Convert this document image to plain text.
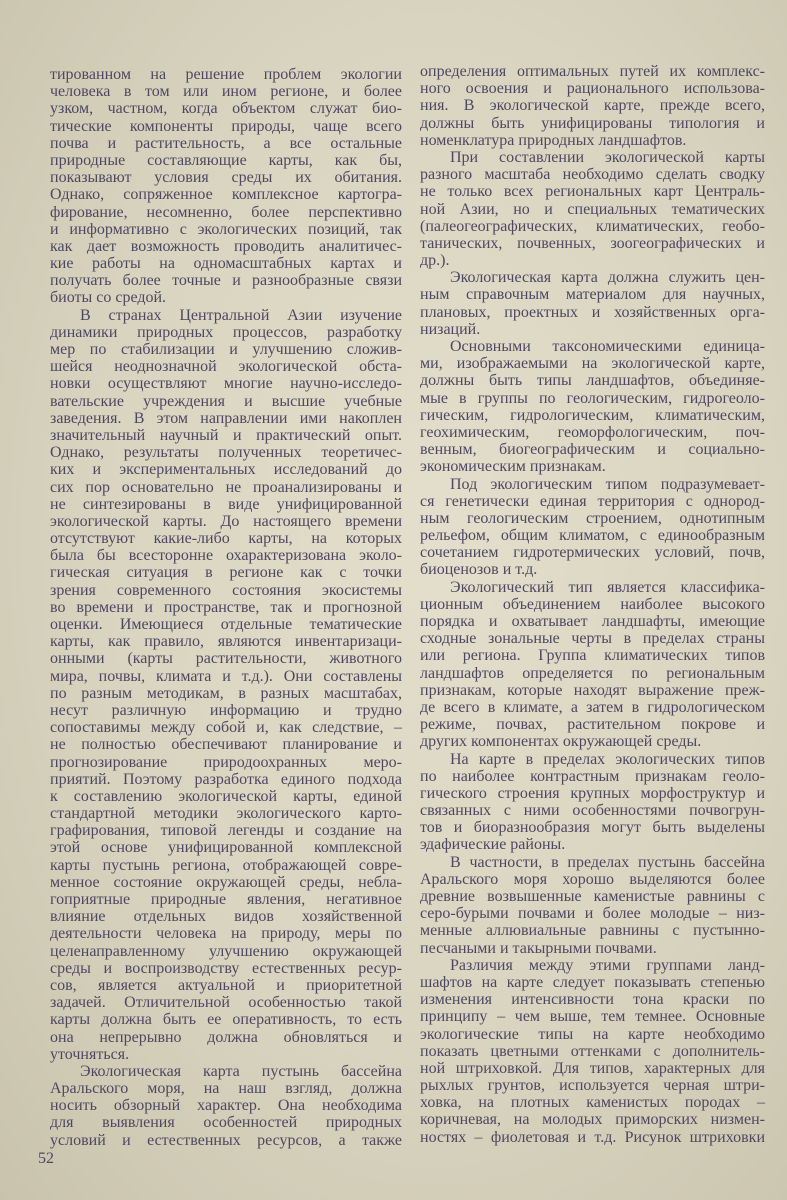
тированном на решение проблем экологии
человека в том или ином регионе, и более
узком, частном, когда объектом служат био-
тические компоненты природы, чаще всего
почва и растительность, а все остальные
природные составляющие карты, как бы,
показывают условия среды их обитания.
Однако, сопряженное комплексное картогра-
фирование, несомненно, более перспективно
и информативно с экологических позиций, так
как дает возможность проводить аналитичес-
кие работы на одномасштабных картах и
получать более точные и разнообразные связи
биоты со средой.
В странах Центральной Азии изучение
динамики природных процессов, разработку
мер по стабилизации и улучшению сложив-
шейся неоднозначной экологической обста-
новки осуществляют многие научно-исследо-
вательские учреждения и высшие учебные
заведения. В этом направлении ими накоплен
значительный научный и практический опыт.
Однако, результаты полученных теоретичес-
ких и экспериментальных исследований до
сих пор основательно не проанализированы и
не синтезированы в виде унифицированной
экологической карты. До настоящего времени
отсутствуют какие-либо карты, на которых
была бы всесторонне охарактеризована эколо-
гическая ситуация в регионе как с точки
зрения современного состояния экосистемы
во времени и пространстве, так и прогнозной
оценки. Имеющиеся отдельные тематические
карты, как правило, являются инвентаризаци-
онными (карты растительности, животного
мира, почвы, климата и т.д.). Они составлены
по разным методикам, в разных масштабах,
несут различную информацию и трудно
сопоставимы между собой и, как следствие, –
не полностью обеспечивают планирование и
прогнозирование природоохранных меро-
приятий. Поэтому разработка единого подхода
к составлению экологической карты, единой
стандартной методики экологического карто-
графирования, типовой легенды и создание на
этой основе унифицированной комплексной
карты пустынь региона, отображающей совре-
менное состояние окружающей среды, небла-
гоприятные природные явления, негативное
влияние отдельных видов хозяйственной
деятельности человека на природу, меры по
целенаправленному улучшению окружающей
среды и воспроизводству естественных ресур-
сов, является актуальной и приоритетной
задачей. Отличительной особенностью такой
карты должна быть ее оперативность, то есть
она непрерывно должна обновляться и
уточняться.
Экологическая карта пустынь бассейна
Аральского моря, на наш взгляд, должна
носить обзорный характер. Она необходима
для выявления особенностей природных
условий и естественных ресурсов, а также
определения оптимальных путей их комплекс-
ного освоения и рационального использова-
ния. В экологической карте, прежде всего,
должны быть унифицированы типология и
номенклатура природных ландшафтов.
При составлении экологической карты
разного масштаба необходимо сделать сводку
не только всех региональных карт Централь-
ной Азии, но и специальных тематических
(палеогеографических, климатических, геобо-
танических, почвенных, зоогеографических и
др.).
Экологическая карта должна служить цен-
ным справочным материалом для научных,
плановых, проектных и хозяйственных орга-
низаций.
Основными таксономическими единица-
ми, изображаемыми на экологической карте,
должны быть типы ландшафтов, объединяе-
мые в группы по геологическим, гидрогеоло-
гическим, гидрологическим, климатическим,
геохимическим, геоморфологическим, поч-
венным, биогеографическим и социально-
экономическим признакам.
Под экологическим типом подразумевает-
ся генетически единая территория с однород-
ным геологическим строением, однотипным
рельефом, общим климатом, с единообразным
сочетанием гидротермических условий, почв,
биоценозов и т.д.
Экологический тип является классифика-
ционным объединением наиболее высокого
порядка и охватывает ландшафты, имеющие
сходные зональные черты в пределах страны
или региона. Группа климатических типов
ландшафтов определяется по региональным
признакам, которые находят выражение преж-
де всего в климате, а затем в гидрологическом
режиме, почвах, растительном покрове и
других компонентах окружающей среды.
На карте в пределах экологических типов
по наиболее контрастным признакам геоло-
гического строения крупных морфоструктур и
связанных с ними особенностями почвогрун-
тов и биоразнообразия могут быть выделены
эдафические районы.
В частности, в пределах пустынь бассейна
Аральского моря хорошо выделяются более
древние возвышенные каменистые равнины с
серо-бурыми почвами и более молодые – низ-
менные аллювиальные равнины с пустынно-
песчаными и такырными почвами.
Различия между этими группами ланд-
шафтов на карте следует показывать степенью
изменения интенсивности тона краски по
принципу – чем выше, тем темнее. Основные
экологические типы на карте необходимо
показать цветными оттенками с дополнитель-
ной штриховкой. Для типов, характерных для
рыхлых грунтов, используется черная штри-
ховка, на плотных каменистых породах –
коричневая, на молодых приморских низмен-
ностях – фиолетовая и т.д. Рисунок штриховки
52
